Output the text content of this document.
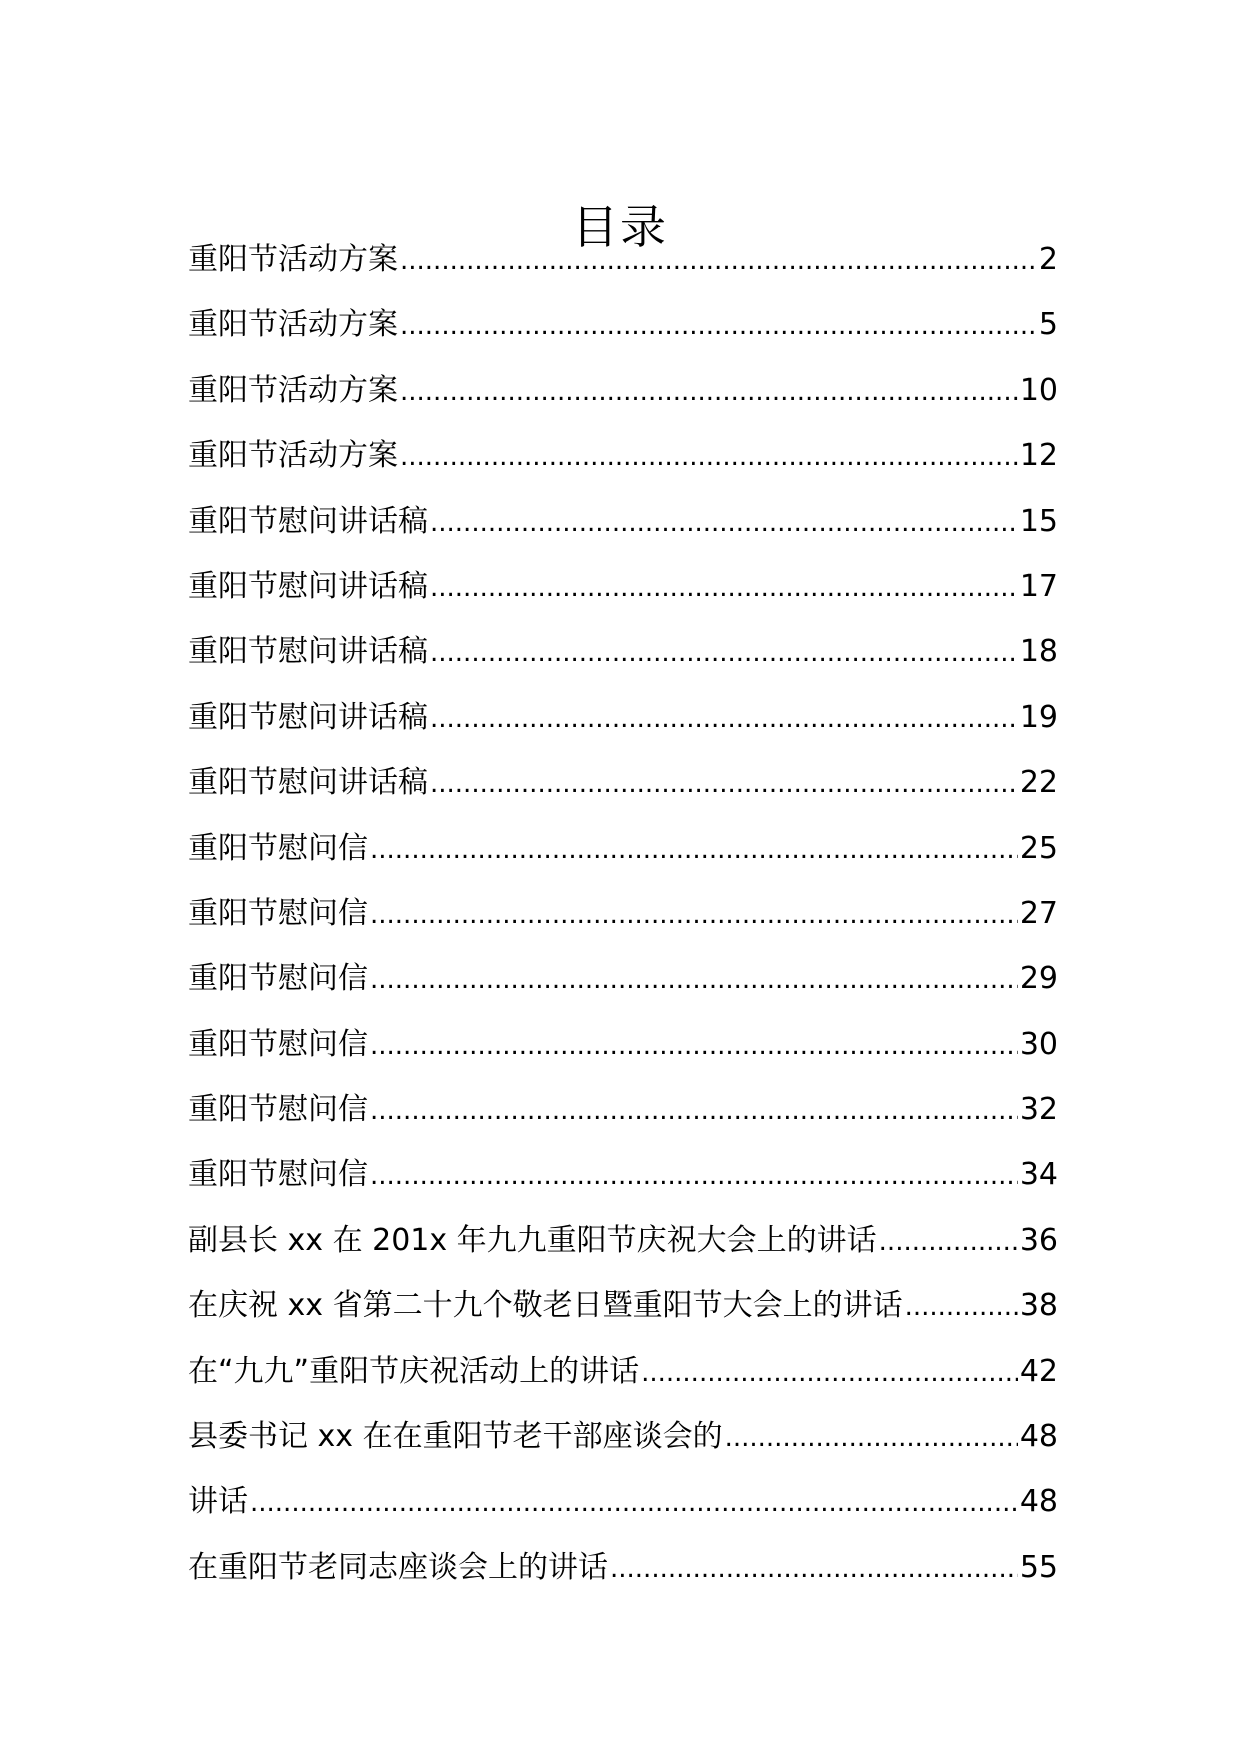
目录
重阳节活动方案 .....	2
重阳节活动方案 .....	5
重阳节活动方案 .....	10
重阳节活动方案 .....	12
重阳节慰问讲话稿 .....	15
重阳节慰问讲话稿 .....	17
重阳节慰问讲话稿 .....	18
重阳节慰问讲话稿 .....	19
重阳节慰问讲话稿 .....	22
重阳节慰问信 .....	25
重阳节慰问信 .....	27
重阳节慰问信 .....	29
重阳节慰问信 .....	30
重阳节慰问信 .....	32
重阳节慰问信 .....	34
副县长 xx 在 201x 年九九重阳节庆祝大会上的讲话 .....	36
在庆祝 xx 省第二十九个敬老日暨重阳节大会上的讲话 .....	38
在“九九”重阳节庆祝活动上的讲话 .....	42
县委书记 xx 在在重阳节老干部座谈会的 .....	48
讲话 .....	48
在重阳节老同志座谈会上的讲话 .....	55
